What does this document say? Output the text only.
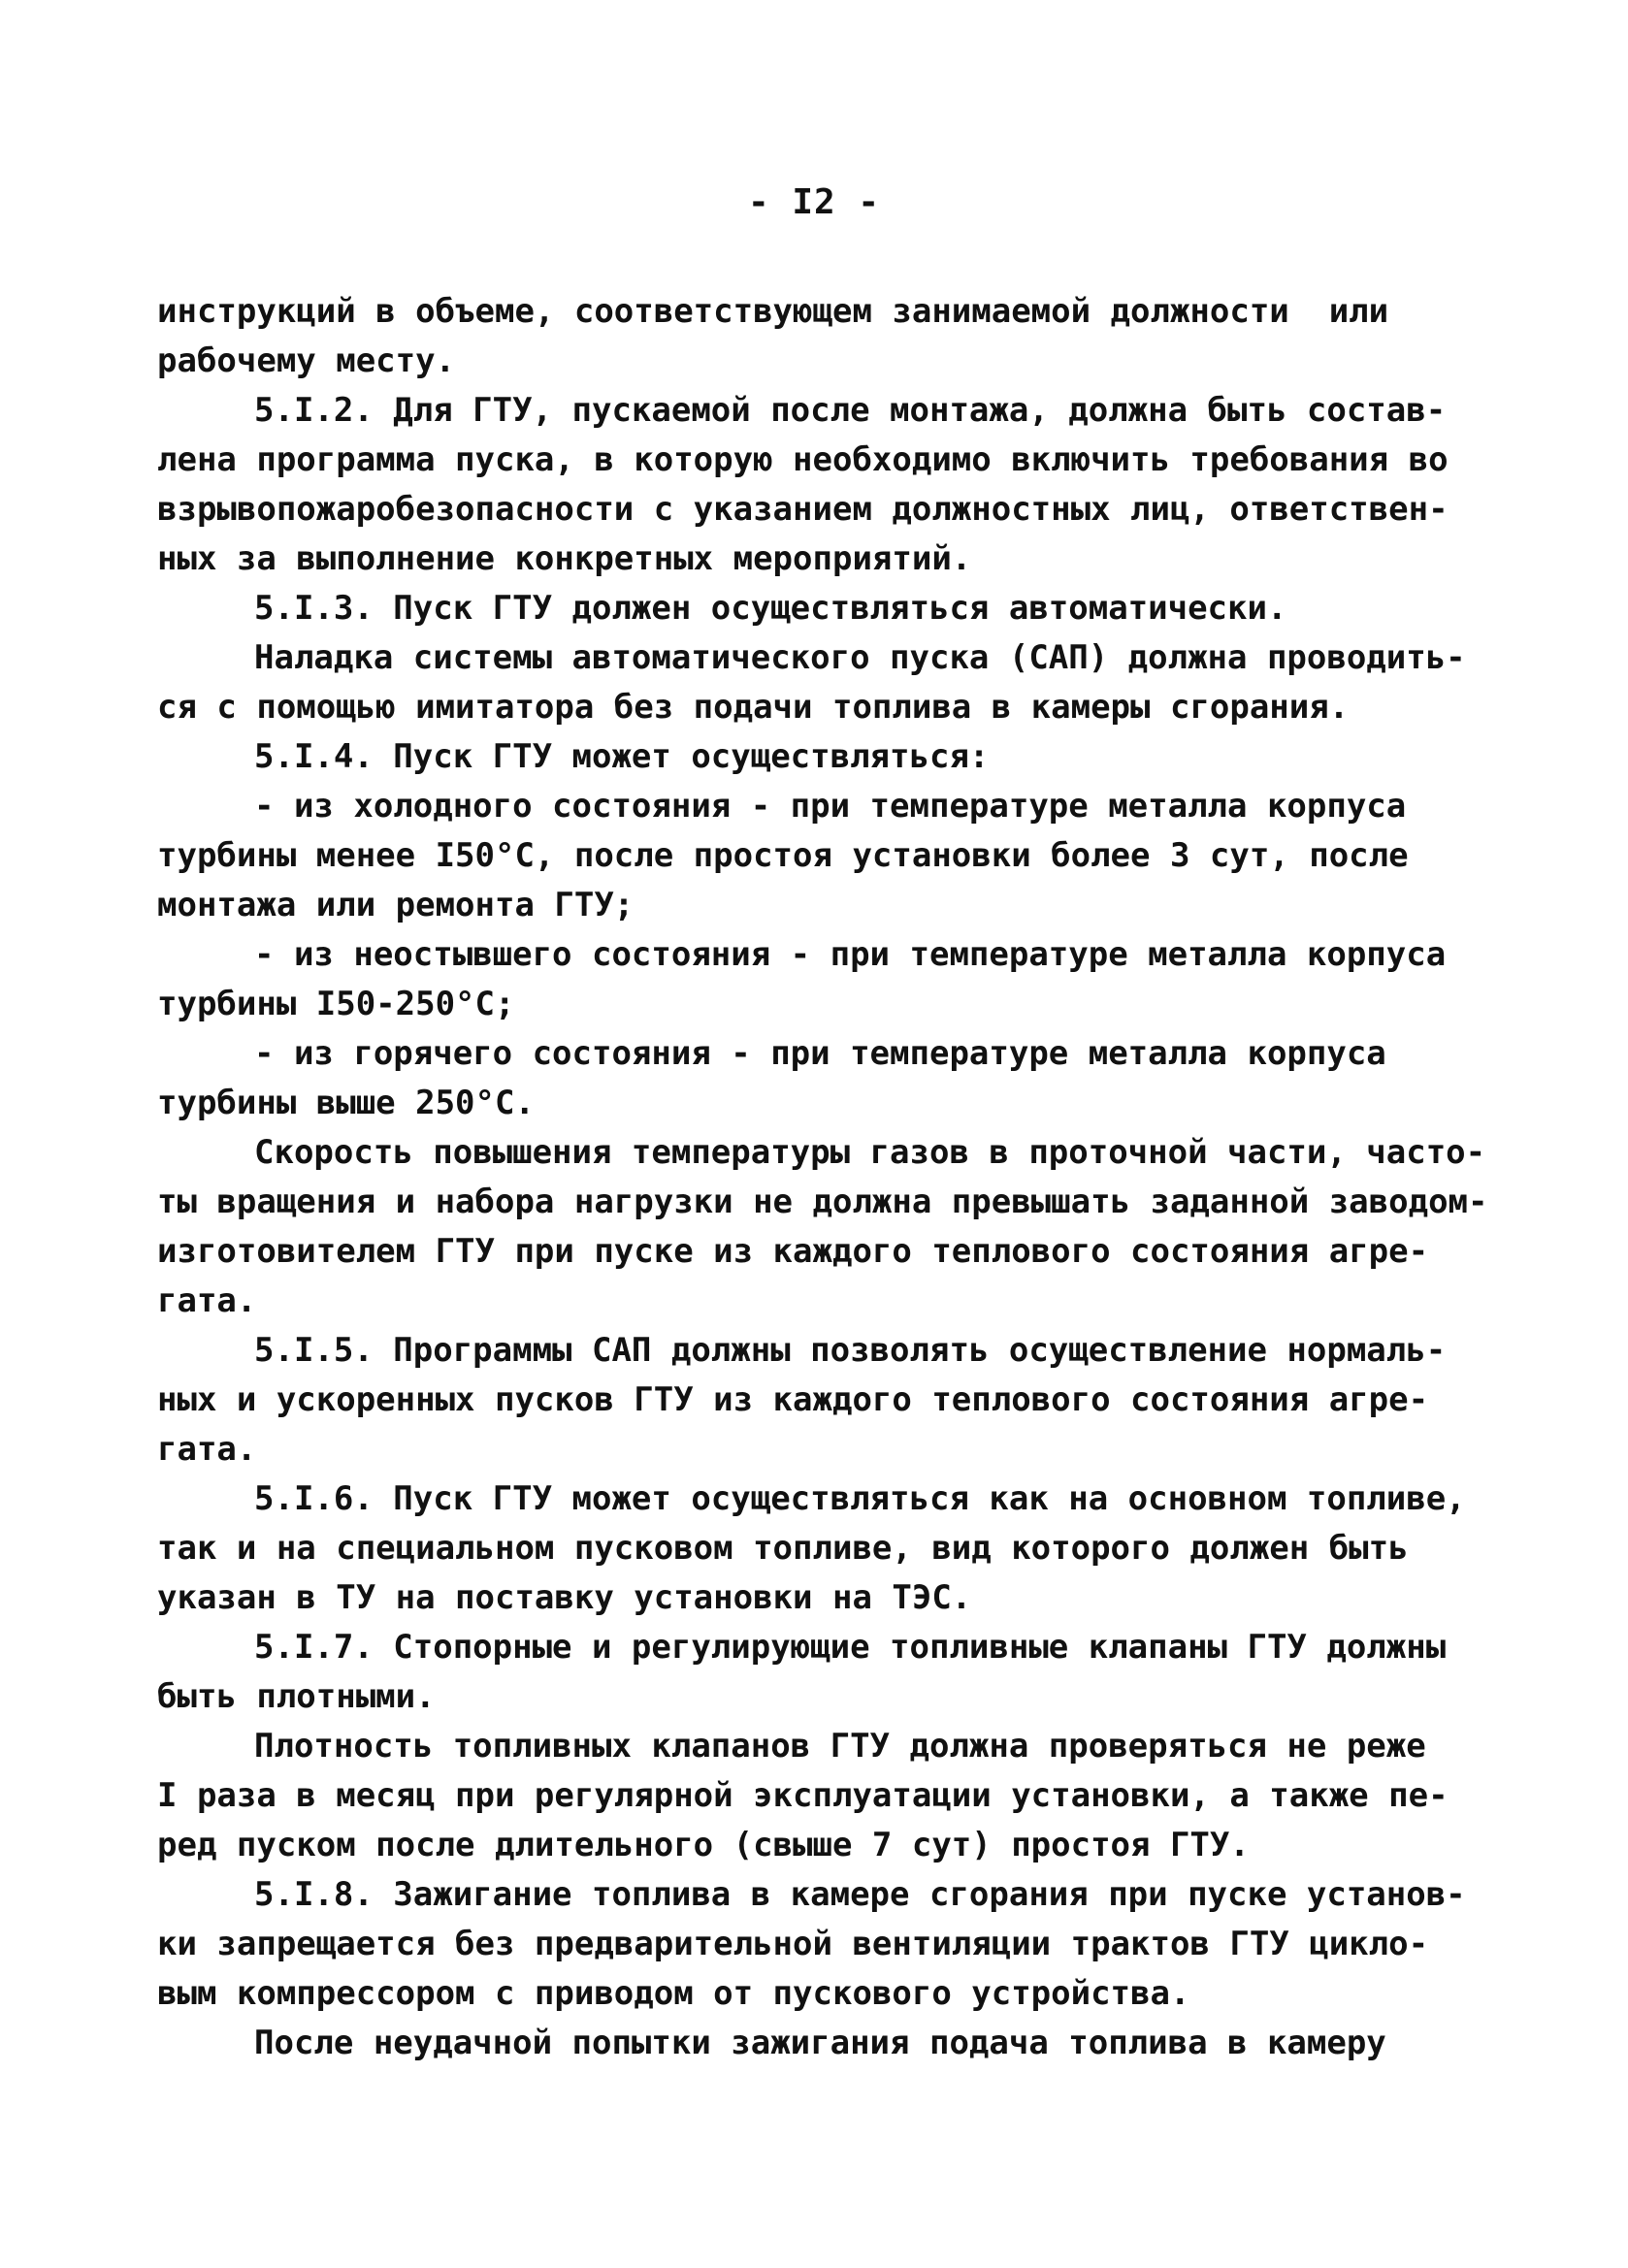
- I2 -
инструкций в объеме, соответствующем занимаемой должности  или
рабочему месту.
5.I.2. Для ГТУ, пускаемой после монтажа, должна быть состав-
лена программа пуска, в которую необходимо включить требования во
взрывопожаробезопасности с указанием должностных лиц, ответствен-
ных за выполнение конкретных мероприятий.
5.I.3. Пуск ГТУ должен осуществляться автоматически.
Наладка системы автоматического пуска (САП) должна проводить-
ся с помощью имитатора без подачи топлива в камеры сгорания.
5.I.4. Пуск ГТУ может осуществляться:
- из холодного состояния - при температуре металла корпуса
турбины менее I50°С, после простоя установки более 3 сут, после
монтажа или ремонта ГТУ;
- из неостывшего состояния - при температуре металла корпуса
турбины I50-250°С;
- из горячего состояния - при температуре металла корпуса
турбины выше 250°С.
Скорость повышения температуры газов в проточной части, часто-
ты вращения и набора нагрузки не должна превышать заданной заводом-
изготовителем ГТУ при пуске из каждого теплового состояния агре-
гата.
5.I.5. Программы САП должны позволять осуществление нормаль-
ных и ускоренных пусков ГТУ из каждого теплового состояния агре-
гата.
5.I.6. Пуск ГТУ может осуществляться как на основном топливе,
так и на специальном пусковом топливе, вид которого должен быть
указан в ТУ на поставку установки на ТЭС.
5.I.7. Стопорные и регулирующие топливные клапаны ГТУ должны
быть плотными.
Плотность топливных клапанов ГТУ должна проверяться не реже
I раза в месяц при регулярной эксплуатации установки, а также пе-
ред пуском после длительного (свыше 7 сут) простоя ГТУ.
5.I.8. Зажигание топлива в камере сгорания при пуске установ-
ки запрещается без предварительной вентиляции трактов ГТУ цикло-
вым компрессором с приводом от пускового устройства.
После неудачной попытки зажигания подача топлива в камеру
